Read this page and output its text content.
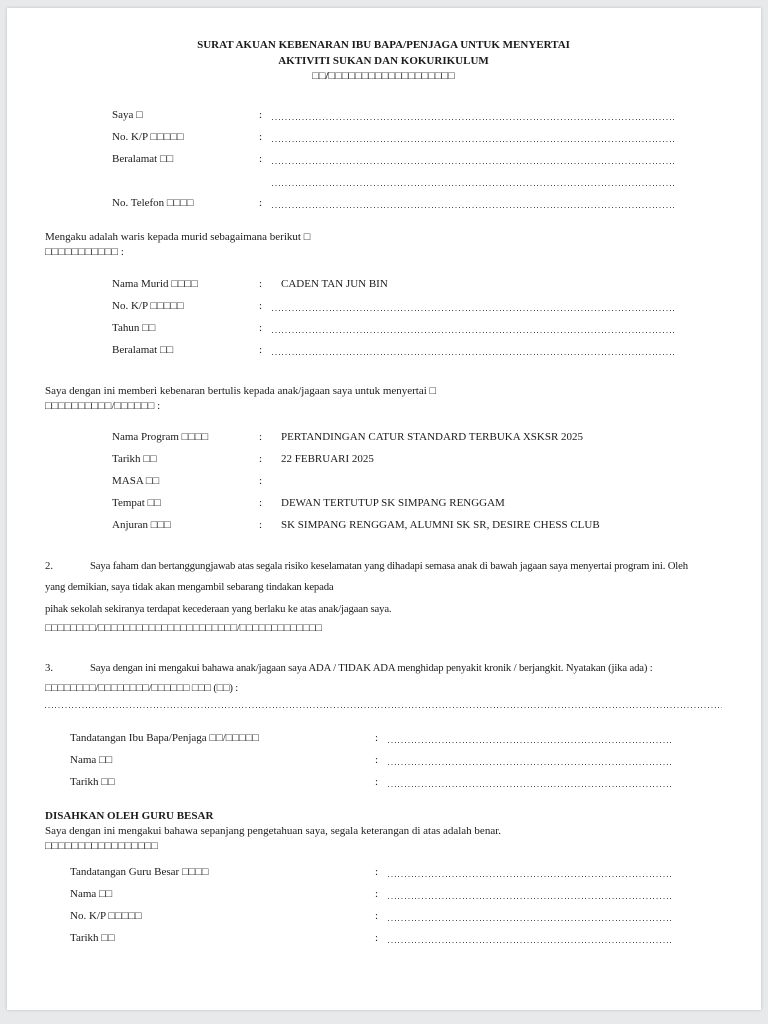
SURAT AKUAN KEBENARAN IBU BAPA/PENJAGA UNTUK MENYERTAI
AKTIVITI SUKAN DAN KOKURIKULUM
□□/□□□□□□□□□□□□□□□□□□□
Saya □	:
No. K/P □□□□□	:
Beralamat □□	:
No. Telefon □□□□	:
Mengaku adalah waris kepada murid sebagaimana berikut □
□□□□□□□□□□□ :
Nama Murid □□□□	:	CADEN TAN JUN BIN
No. K/P □□□□□	:
Tahun □□	:
Beralamat □□	:
Saya dengan ini memberi kebenaran bertulis kepada anak/jagaan saya untuk menyertai □
□□□□□□□□□□/□□□□□□ :
Nama Program □□□□	:	PERTANDINGAN CATUR STANDARD TERBUKA XSKSR 2025
Tarikh □□	:	22 FEBRUARI 2025
MASA □□	:
Tempat □□	:	DEWAN TERTUTUP SK SIMPANG RENGGAM
Anjuran □□□	:	SK SIMPANG RENGGAM, ALUMNI SK SR, DESIRE CHESS CLUB
2.	Saya faham dan bertanggungjawab atas segala risiko keselamatan yang dihadapi semasa anak di bawah jagaan saya menyertai program ini. Oleh
yang demikian, saya tidak akan mengambil sebarang tindakan kepada
pihak sekolah sekiranya terdapat kecederaan yang berlaku ke atas anak/jagaan saya.
□□□□□□□□/□□□□□□□□□□□□□□□□□□□□□□/□□□□□□□□□□□□□
3.	Saya dengan ini mengakui bahawa anak/jagaan saya ADA / TIDAK ADA menghidap penyakit kronik / berjangkit. Nyatakan (jika ada) :
□□□□□□□□/□□□□□□□□/□□□□□□ □□□ (□□) :
Tandatangan Ibu Bapa/Penjaga □□/□□□□□	:
Nama □□	:
Tarikh □□	:
DISAHKAN OLEH GURU BESAR
Saya dengan ini mengakui bahawa sepanjang pengetahuan saya, segala keterangan di atas adalah benar.
□□□□□□□□□□□□□□□□□
Tandatangan Guru Besar □□□□	:
Nama □□	:
No. K/P □□□□□	:
Tarikh □□	:
